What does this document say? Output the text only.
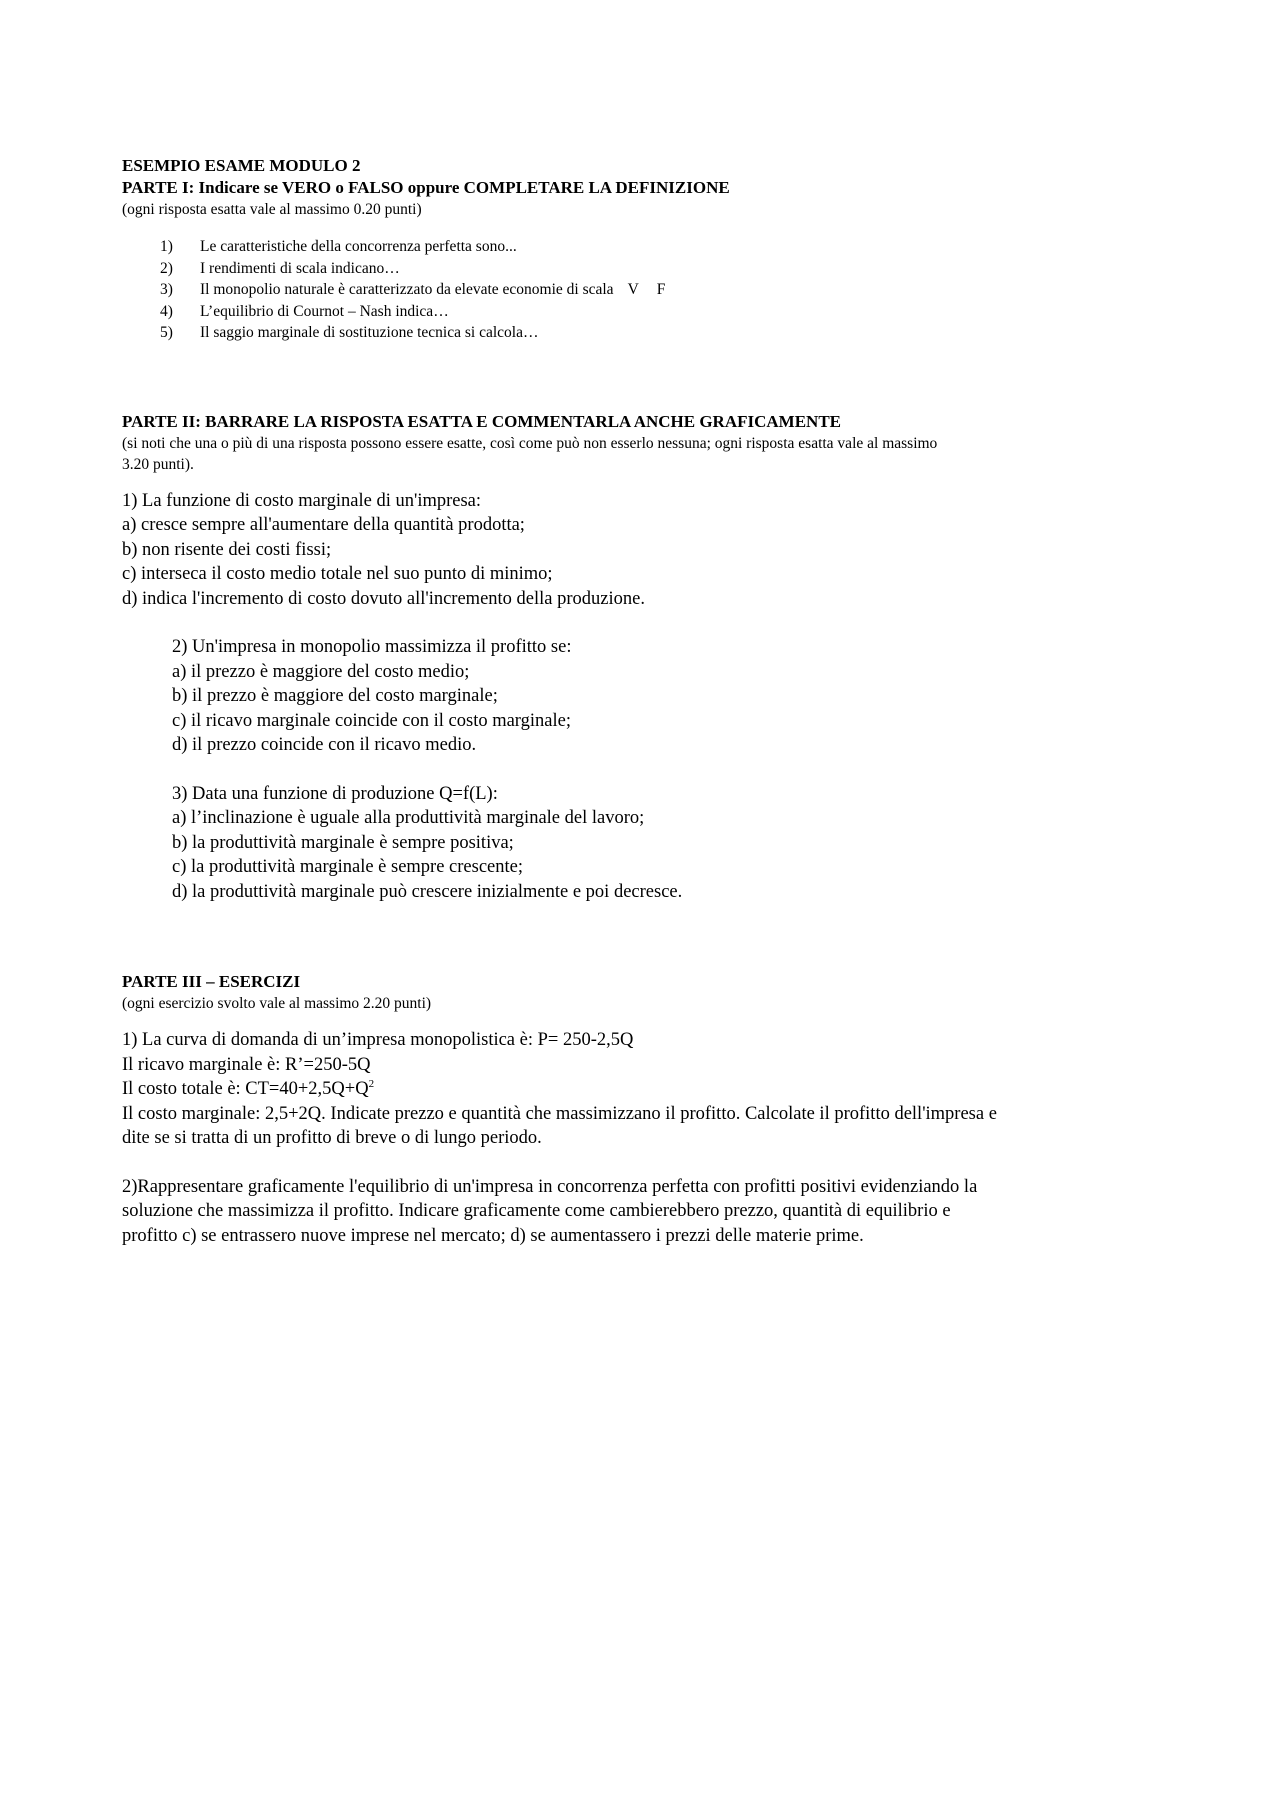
ESEMPIO ESAME MODULO 2

PARTE I: Indicare se VERO o FALSO oppure COMPLETARE LA DEFINIZIONE

(ogni risposta esatta vale al massimo 0.20 punti)

1)	Le caratteristiche della concorrenza perfetta sono...
2)	I rendimenti di scala indicano…
3)	Il monopolio naturale è caratterizzato da elevate economie di scala V F
4)	L’equilibrio di Cournot – Nash indica…
5)	Il saggio marginale di sostituzione tecnica si calcola…

PARTE II: BARRARE LA RISPOSTA ESATTA E COMMENTARLA ANCHE GRAFICAMENTE

(si noti che una o più di una risposta possono essere esatte, così come può non esserlo nessuna; ogni risposta esatta vale al massimo

3.20 punti).

1) La funzione di costo marginale di un'impresa:

a) cresce sempre all'aumentare della quantità prodotta;

b) non risente dei costi fissi;

c) interseca il costo medio totale nel suo punto di minimo;

d) indica l'incremento di costo dovuto all'incremento della produzione.

2) Un'impresa in monopolio massimizza il profitto se:

a) il prezzo è maggiore del costo medio;

b) il prezzo è maggiore del costo marginale;

c) il ricavo marginale coincide con il costo marginale;

d) il prezzo coincide con il ricavo medio.

3) Data una funzione di produzione Q=f(L):

a) l’inclinazione è uguale alla produttività marginale del lavoro;

b) la produttività marginale è sempre positiva;

c) la produttività marginale è sempre crescente;

d) la produttività marginale può crescere inizialmente e poi decresce.

PARTE III – ESERCIZI

(ogni esercizio svolto vale al massimo 2.20 punti)

1) La curva di domanda di un’impresa monopolistica è: P= 250-2,5Q

Il ricavo marginale è: R’=250-5Q

Il costo totale è: $CT=40+2,5Q+Q^2$

Il costo marginale: 2,5+2Q. Indicate prezzo e quantità che massimizzano il profitto. Calcolate il profitto dell'impresa e

dite se si tratta di un profitto di breve o di lungo periodo.

2)Rappresentare graficamente l'equilibrio di un'impresa in concorrenza perfetta con profitti positivi evidenziando la

soluzione che massimizza il profitto. Indicare graficamente come cambierebbero prezzo, quantità di equilibrio e

profitto c) se entrassero nuove imprese nel mercato; d) se aumentassero i prezzi delle materie prime.
